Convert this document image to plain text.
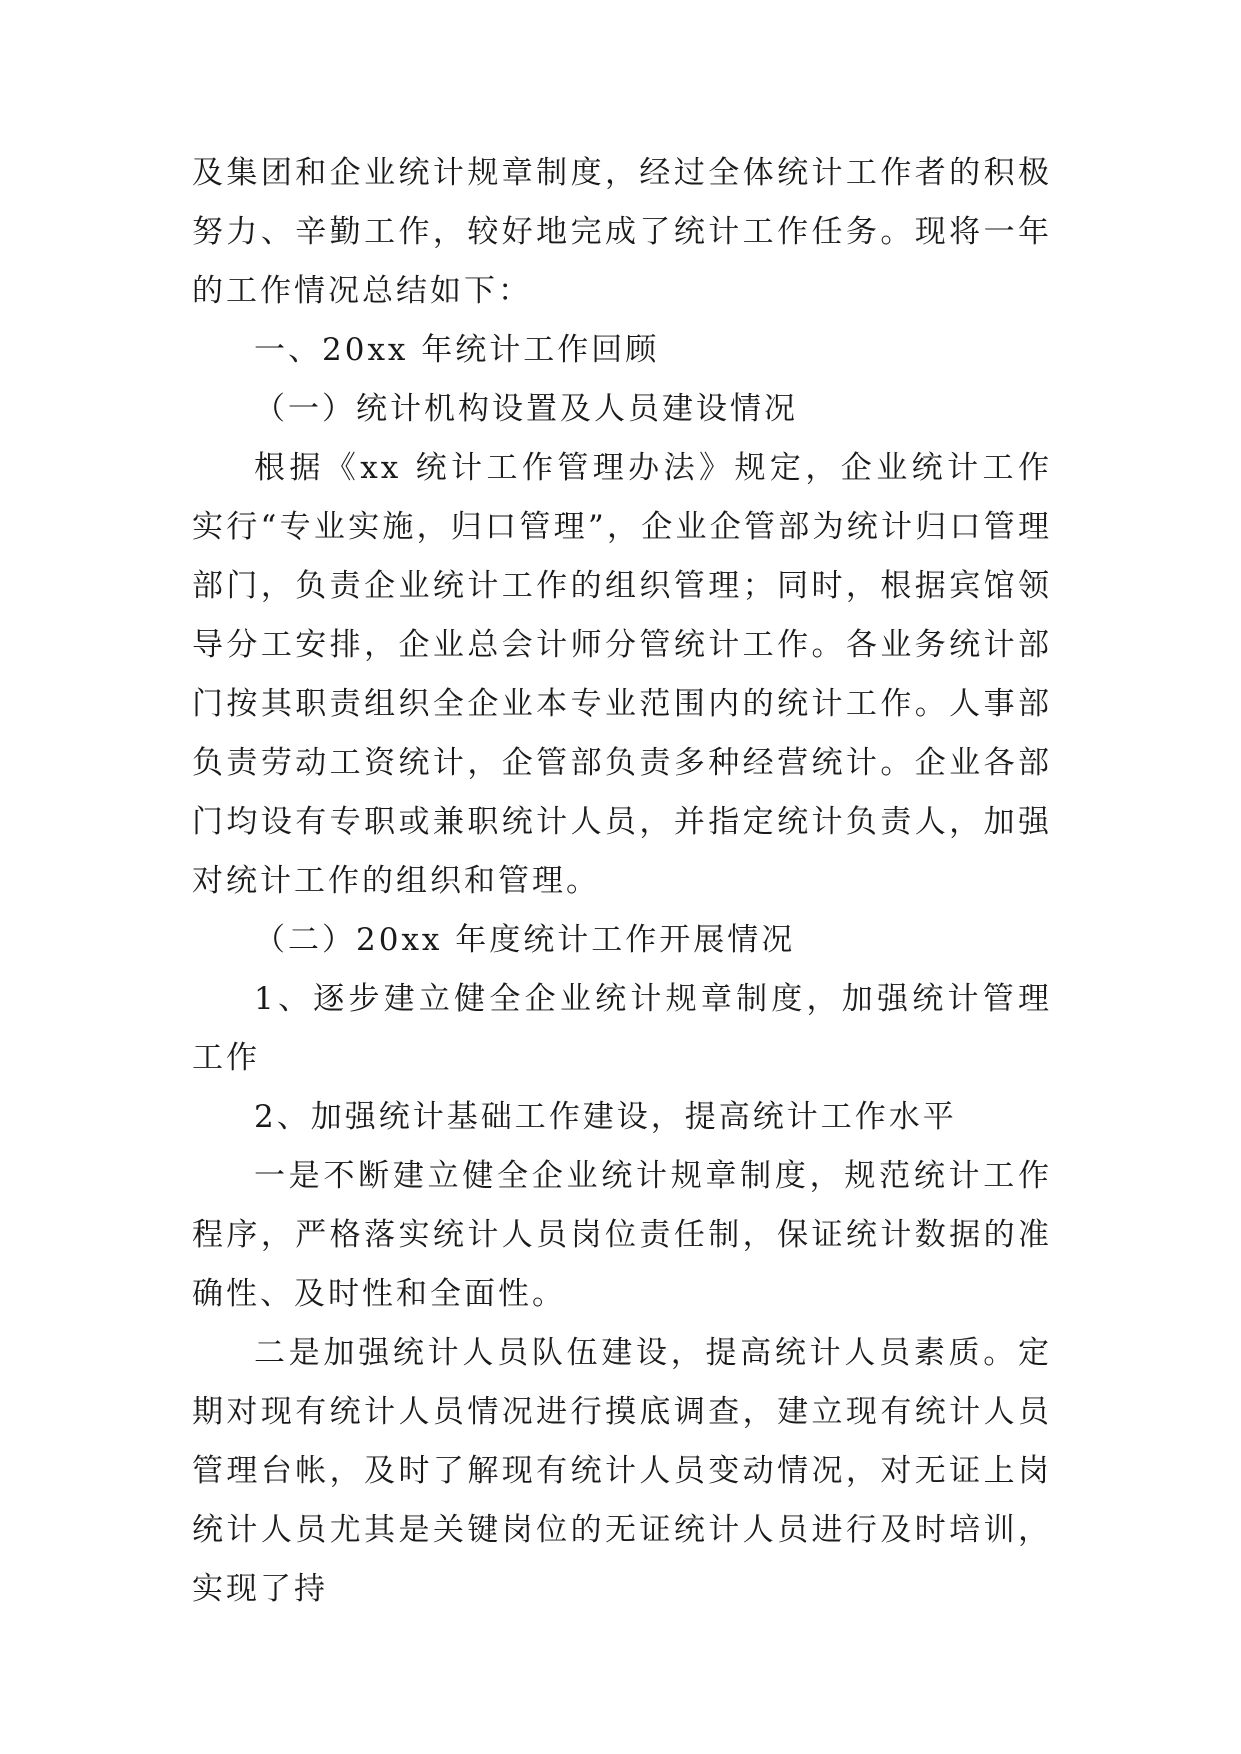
及集团和企业统计规章制度，经过全体统计工作者的积极努力、辛勤工作，较好地完成了统计工作任务。现将一年的工作情况总结如下：

一、20xx 年统计工作回顾

（一）统计机构设置及人员建设情况

根据《xx 统计工作管理办法》规定，企业统计工作实行“专业实施，归口管理”，企业企管部为统计归口管理部门，负责企业统计工作的组织管理；同时，根据宾馆领导分工安排，企业总会计师分管统计工作。各业务统计部门按其职责组织全企业本专业范围内的统计工作。人事部负责劳动工资统计，企管部负责多种经营统计。企业各部门均设有专职或兼职统计人员，并指定统计负责人，加强对统计工作的组织和管理。

（二）20xx 年度统计工作开展情况

1、逐步建立健全企业统计规章制度，加强统计管理工作

2、加强统计基础工作建设，提高统计工作水平

一是不断建立健全企业统计规章制度，规范统计工作程序，严格落实统计人员岗位责任制，保证统计数据的准确性、及时性和全面性。

二是加强统计人员队伍建设，提高统计人员素质。定期对现有统计人员情况进行摸底调查，建立现有统计人员管理台帐，及时了解现有统计人员变动情况，对无证上岗统计人员尤其是关键岗位的无证统计人员进行及时培训，实现了持
